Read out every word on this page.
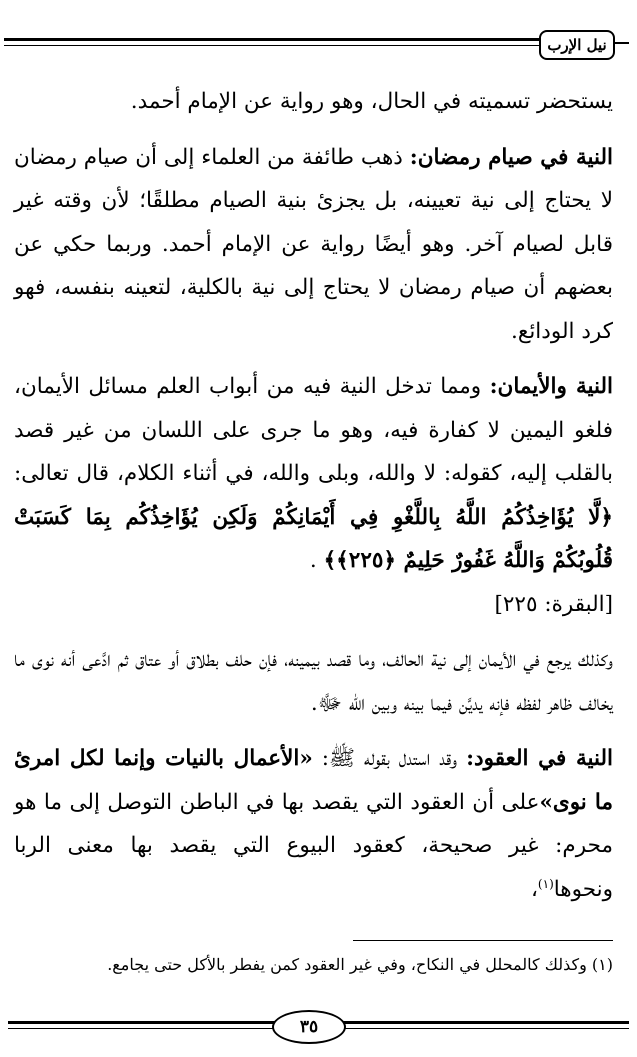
نيل الإرب

يستحضر تسميته في الحال، وهو رواية عن الإمام أحمد.

النية في صيام رمضان: ذهب طائفة من العلماء إلى أن صيام رمضان لا يحتاج إلى نية تعيينه، بل يجزئ بنية الصيام مطلقًا؛ لأن وقته غير قابل لصيام آخر. وهو أيضًا رواية عن الإمام أحمد. وربما حكي عن بعضهم أن صيام رمضان لا يحتاج إلى نية بالكلية، لتعينه بنفسه، فهو كرد الودائع.

النية والأيمان: ومما تدخل النية فيه من أبواب العلم مسائل الأيمان، فلغو اليمين لا كفارة فيه، وهو ما جرى على اللسان من غير قصد بالقلب إليه، كقوله: لا والله، وبلى والله، في أثناء الكلام، قال تعالى: ﴿لَّا يُؤَاخِذُكُمُ اللَّهُ بِاللَّغْوِ فِي أَيْمَانِكُمْ وَلَكِن يُؤَاخِذُكُم بِمَا كَسَبَتْ قُلُوبُكُمْ وَاللَّهُ غَفُورٌ حَلِيمٌ ﴿٢٢٥﴾﴾ .
[البقرة: ٢٢٥]

وكذلك يرجع في الأيمان إلى نية الحالف، وما قصد بيمينه، فإن حلف بطلاق أو عتاق ثم ادَّعى أنه نوى ما يخالف ظاهر لفظه فإنه يديَّن فيما بينه وبين الله ﷻ.

النية في العقود: وقد استدل بقوله ﷺ: «الأعمال بالنيات وإنما لكل امرئ ما نوى»على أن العقود التي يقصد بها في الباطن التوصل إلى ما هو محرم: غير صحيحة، كعقود البيوع التي يقصد بها معنى الربا ونحوها$^{(١)}$،

(١) وكذلك كالمحلل في النكاح، وفي غير العقود كمن يفطر بالأكل حتى يجامع.
٣٥
